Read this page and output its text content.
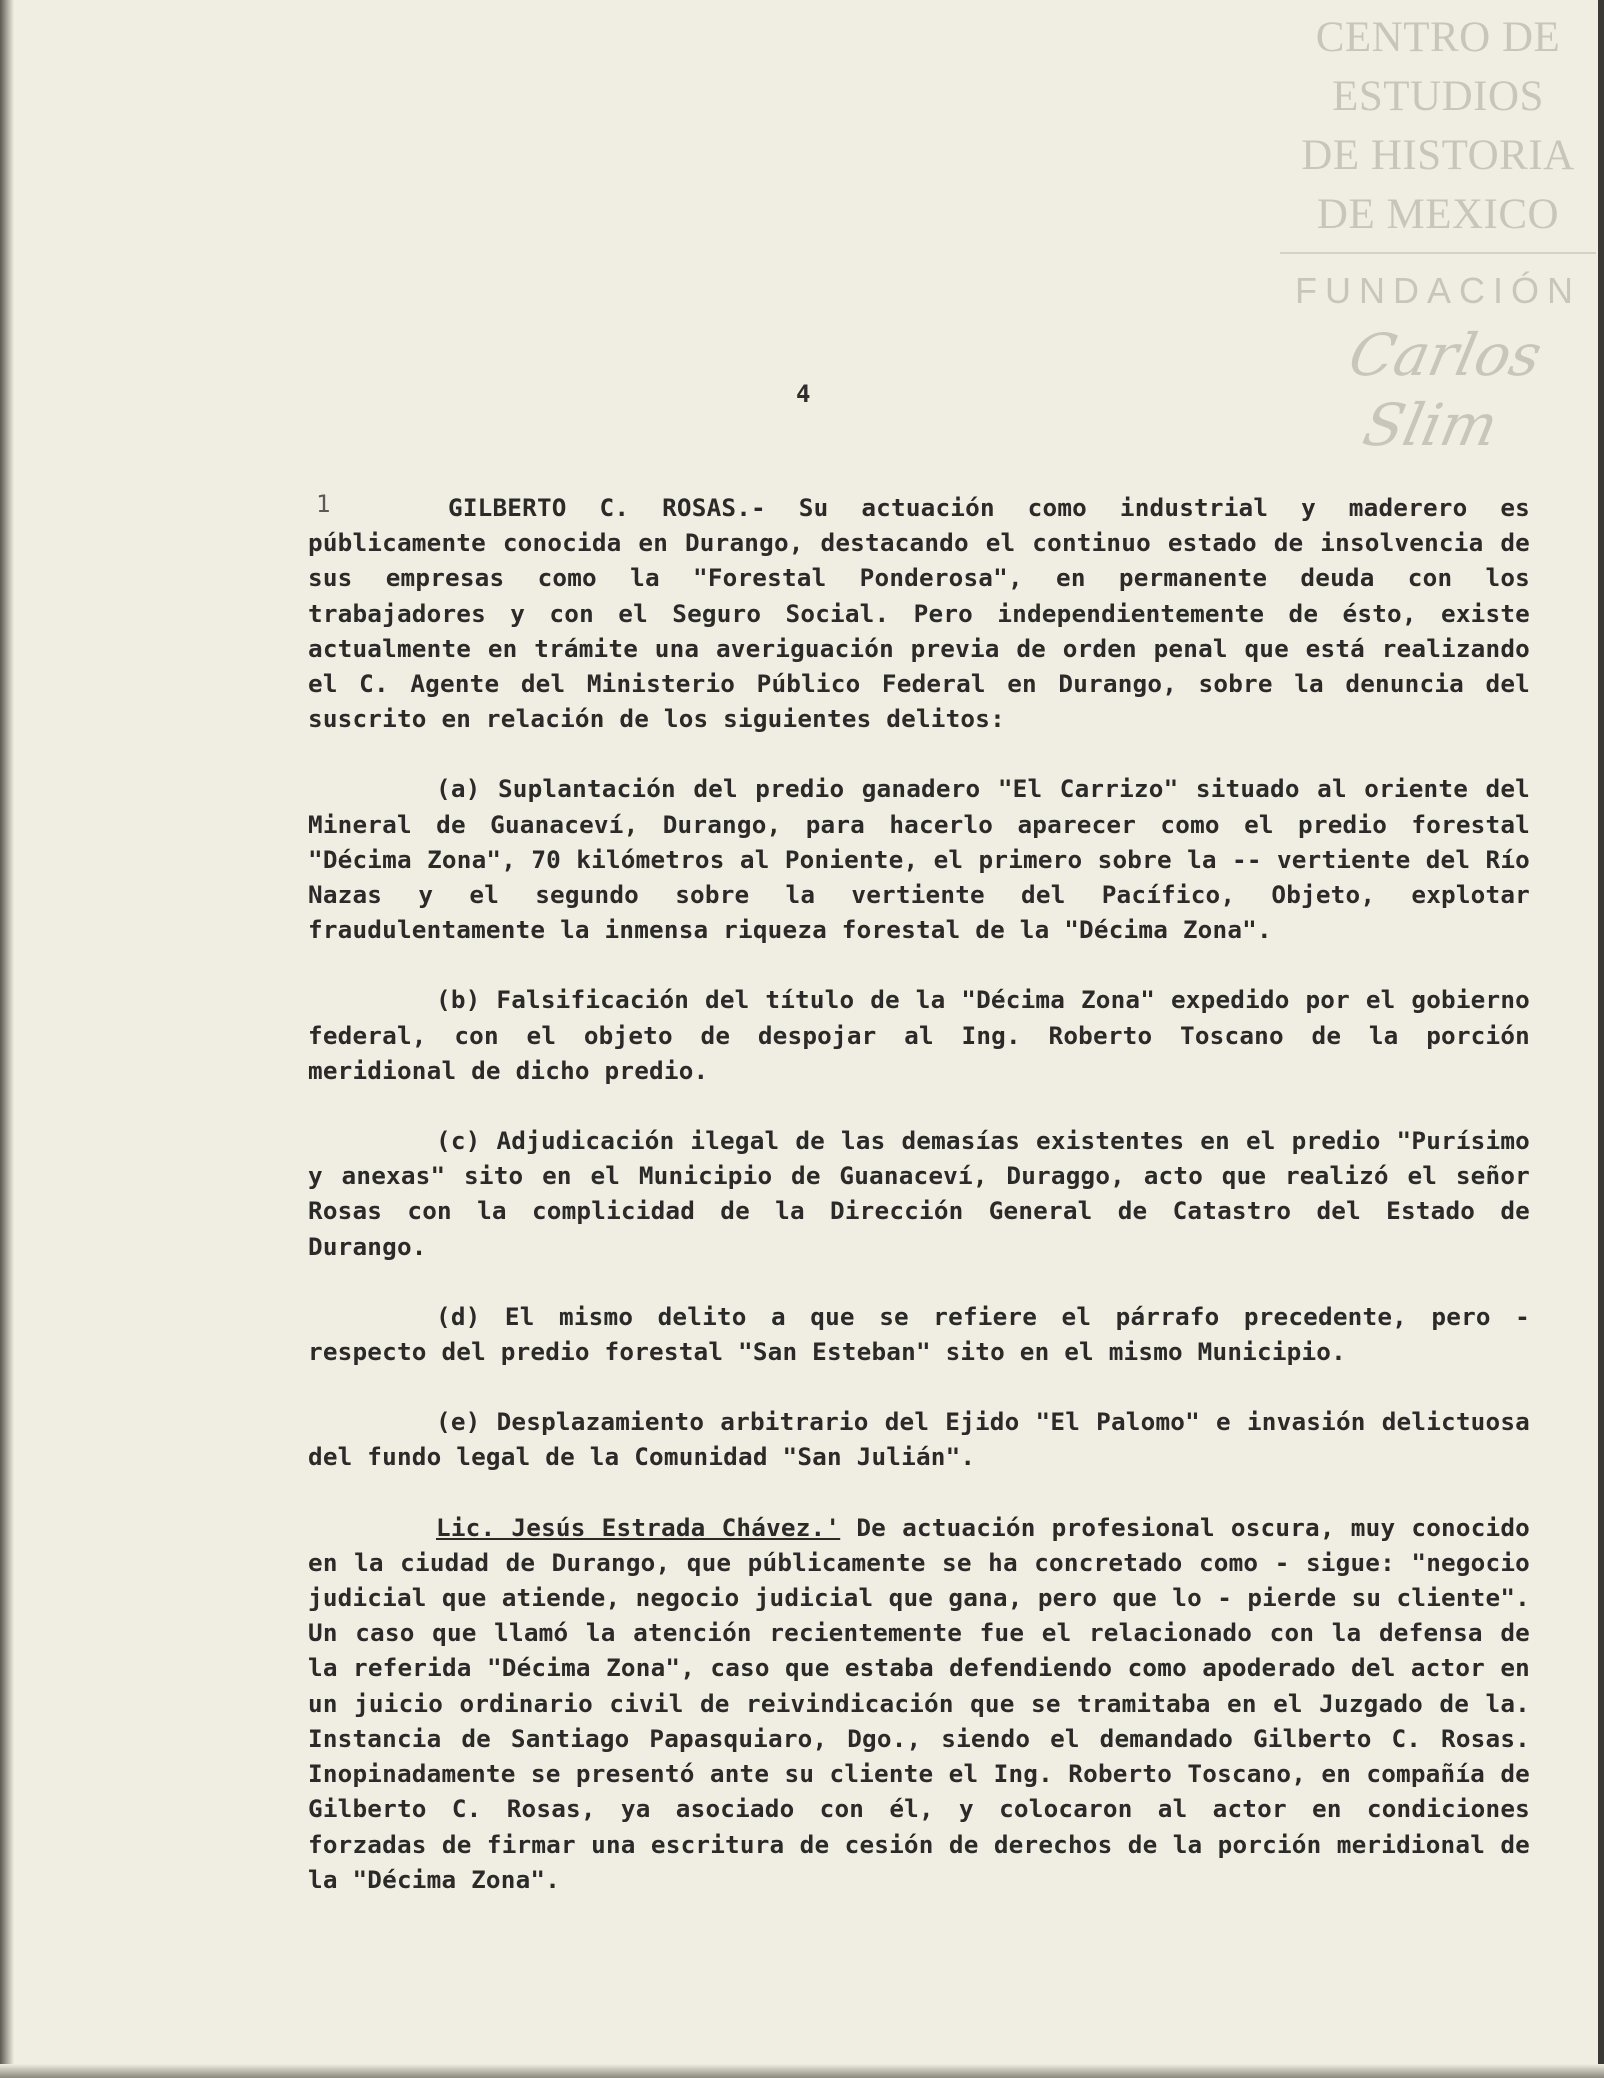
CENTRO DE
ESTUDIOS
DE HISTORIA
DE MEXICO
FUNDACIÓN
Carlos Slim
4
1	GILBERTO C. ROSAS.- Su actuación como industrial y maderero es públicamente conocida en Durango, destacando el continuo estado de insolvencia de sus empresas como la "Forestal Ponderosa", en permanente deuda con los trabajadores y con el Seguro Social. Pero independientemente de ésto, existe actualmente en trámite una averiguación previa de orden penal que está realizando el C. Agente del Ministerio Público Federal en Durango, sobre la denuncia del suscrito en relación de los siguientes delitos:

(a) Suplantación del predio ganadero "El Carrizo" situado al oriente del Mineral de Guanaceví, Durango, para hacerlo aparecer como el predio forestal "Décima Zona", 70 kilómetros al Poniente, el primero sobre la -- vertiente del Río Nazas y el segundo sobre la vertiente del Pacífico, Objeto, explotar fraudulentamente la inmensa riqueza forestal de la "Décima Zona".

(b) Falsificación del título de la "Décima Zona" expedido por el gobierno federal, con el objeto de despojar al Ing. Roberto Toscano de la porción meridional de dicho predio.

(c) Adjudicación ilegal de las demasías existentes en el predio "Purísimo y anexas" sito en el Municipio de Guanaceví, Duraggo, acto que realizó el señor Rosas con la complicidad de la Dirección General de Catastro del Estado de Durango.

(d) El mismo delito a que se refiere el párrafo precedente, pero - respecto del predio forestal "San Esteban" sito en el mismo Municipio.

(e) Desplazamiento arbitrario del Ejido "El Palomo" e invasión delictuosa del fundo legal de la Comunidad "San Julián".

Lic. Jesús Estrada Chávez.' De actuación profesional oscura, muy conocido en la ciudad de Durango, que públicamente se ha concretado como - sigue: "negocio judicial que atiende, negocio judicial que gana, pero que lo - pierde su cliente". Un caso que llamó la atención recientemente fue el relacionado con la defensa de la referida "Décima Zona", caso que estaba defendiendo como apoderado del actor en un juicio ordinario civil de reivindicación que se tramitaba en el Juzgado de la. Instancia de Santiago Papasquiaro, Dgo., siendo el demandado Gilberto C. Rosas. Inopinadamente se presentó ante su cliente el Ing. Roberto Toscano, en compañía de Gilberto C. Rosas, ya asociado con él, y colocaron al actor en condiciones forzadas de firmar una escritura de cesión de derechos de la porción meridional de la "Décima Zona".
